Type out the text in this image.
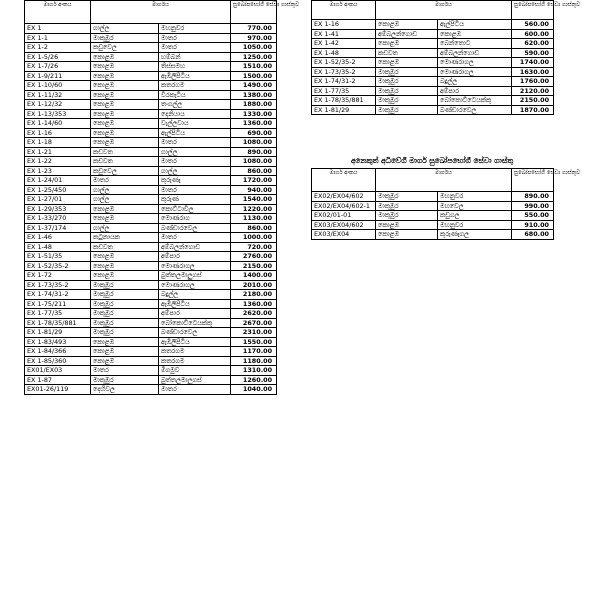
මාර්ග අංකය	මාර්ගය		සුඛෝපභෝගී සේවා ගාස්තුව
EX 1	ගාල්ල	මහනුවර	770.00
EX 1-1	මාකුඹුර	මාතර	970.00
EX 1-2	කඩුවෙල	මාතර	1050.00
EX 1-5/26	කොළඹ	හම්බන්	1250.00
EX 1-7/26	කොළඹ	තිස්සමහ	1510.00
EX 1-9/211	කොළඹ	ඇඹිලිපිටිය	1500.00
EX 1-10/60	කොළඹ	කතරගම	1490.00
EX 1-11/32	කොළඹ	වීරකැටිය	1380.00
EX 1-12/32	කොළඹ	තංගල්ල	1880.00
EX 1-13/353	කොළඹ	දෙනියාය	1330.00
EX 1-14/60	කොළඹ	වැල්ලවාය	1360.00
EX 1-16	කොළඹ	ඇල්පිටිය	690.00
EX 1-18	කොළඹ	මාතර	1080.00
EX 1-21	කඩවත	ගාල්ල	890.00
EX 1-22	කඩවත	මාතර	1080.00
EX 1-23	කඩුවෙල	ගාල්ල	860.00
EX 1-24/01	මාතර	කුරුණෑ	1720.00
EX 1-25/450	ගාල්ල	මාතර	940.00
EX 1-27/01	ගාල්ල	කුරුණ	1540.00
EX 1-29/353	කොළඹ	කොට්ටාවිල	1220.00
EX 1-33/270	කොළඹ	මොණරාග	1130.00
EX 1-37/174	ගාල්ල	බණ්ඩාරවෙල	860.00
EX 1-46	කටුනායක	මාතර	1000.00
EX 1-48	කඩවත	අම්බලන්ගොඩ	720.00
EX 1-51/35	කොළඹ	අම්පාර	2760.00
EX 1-52/35-2	කොළඹ	මොණරාගල	2150.00
EX 1-72	කොළඹ	බුත්තලමාලුගස්	1400.00
EX 1-73/35-2	මාකුඹුර	මොණරාගල	2010.00
EX 1-74/31-2	මාකුඹුර	බදුල්ල	2180.00
EX 1-75/211	මාකුඹුර	ඇඹිලිපිටිය	1360.00
EX 1-77/35	මාකුඹුර	අම්පාර	2620.00
EX 1-78/35/881	මාකුඹුර	බෝකොට්ටෙයක්කු	2670.00
EX 1-81/29	මාකුඹුර	බණ්ඩාරවෙල	2310.00
EX 1-83/493	කොළඹ	ඇඹිලිපිටිය	1550.00
EX 1-84/366	කොළඹ	කතරගම	1170.00
EX 1-85/360	කොළඹ	කතරගම	1180.00
EX01/EX03	මාතර	මීගමුව	1310.00
EX 1-87	මාකුඹුර	බුත්තලමාලුගස්	1260.00
EX01-26/119	දෙහිවල	මාතර	1040.00
මාර්ග අංකය	මාර්ගය		සුඛෝපභෝගී සේවා ගාස්තුව
EX 1-16	කොළඹ	ඇල්පිටිය	560.00
EX 1-41	අම්බලන්ගොඩ	කොළඹ	600.00
EX 1-42	කොළඹ	බෙන්තොට	620.00
EX 1-48	කඩවත	අම්බලන්ගොඩ	590.00
EX 1-52/35-2	කොළඹ	මොණරාගල	1740.00
EX 1-73/35-2	මාකුඹුර	මොණරාගල	1630.00
EX 1-74/31-2	මාකුඹුර	බදුල්ල	1760.00
EX 1-77/35	මාකුඹුර	අම්පාර	2120.00
EX 1-78/35/881	මාකුඹුර	බෝකොට්ටෙයක්කු	2150.00
EX 1-81/29	මාකුඹුර	බණ්ඩාරවෙල	1870.00
අනෙකුත් අධිවේගී මාර්ග සුඛෝපභෝගී සේවා ගාස්තු
මාර්ග අංකය	මාර්ගය		සුඛෝපභෝගී සේවා ගාස්තුව
EX02/EX04/602	මාකුඹුර	මහනුවර	890.00
EX02/EX04/602-1	මාකුඹුර	මහවෙල	990.00
EX02/01-01	මාකුඹුර	කඩුගල	550.00
EX03/EX04/602	කොළඹ	මහනුවර	910.00
EX03/EX04	කොළඹ	කුරුණෑගල	680.00
